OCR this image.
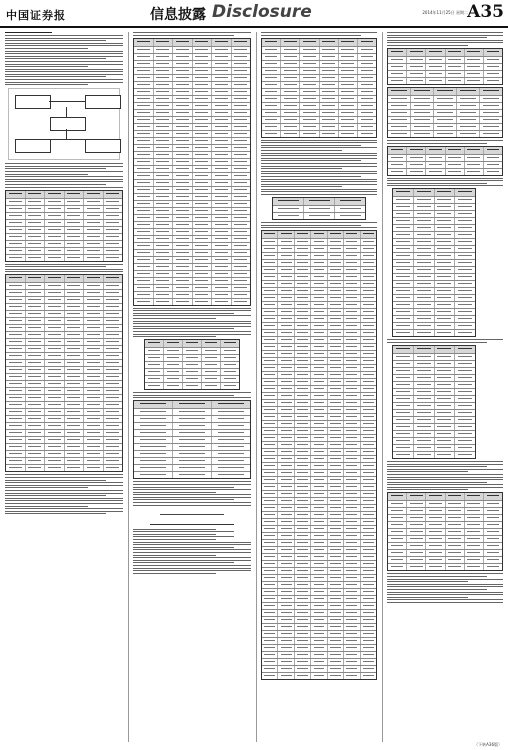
中国证券报	信息披露 Disclosure	2014年11月25日 星期二 A35
（下转A36版）
